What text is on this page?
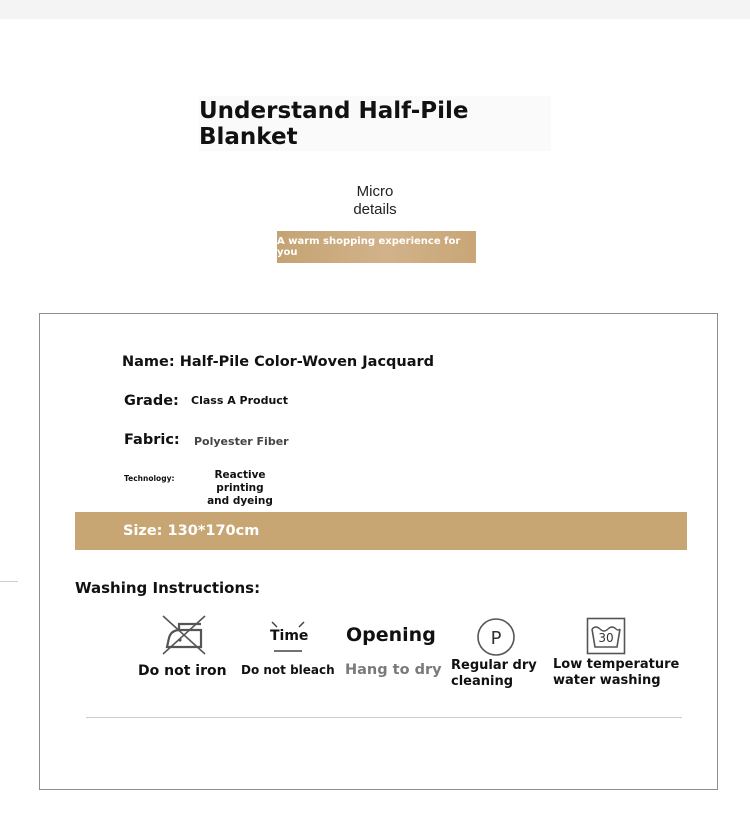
Understand Half-Pile Blanket
Micro
details
A warm shopping experience for you
Name: Half-Pile Color-Woven Jacquard
Grade: Class A Product
Fabric: Polyester Fiber
Technology:	Reactive printing
and dyeing
Size: 130*170cm
Washing Instructions:
Do not iron
Time
Do not bleach
Opening
Hang to dry
P
Regular dry
cleaning
30
Low temperature
water washing
